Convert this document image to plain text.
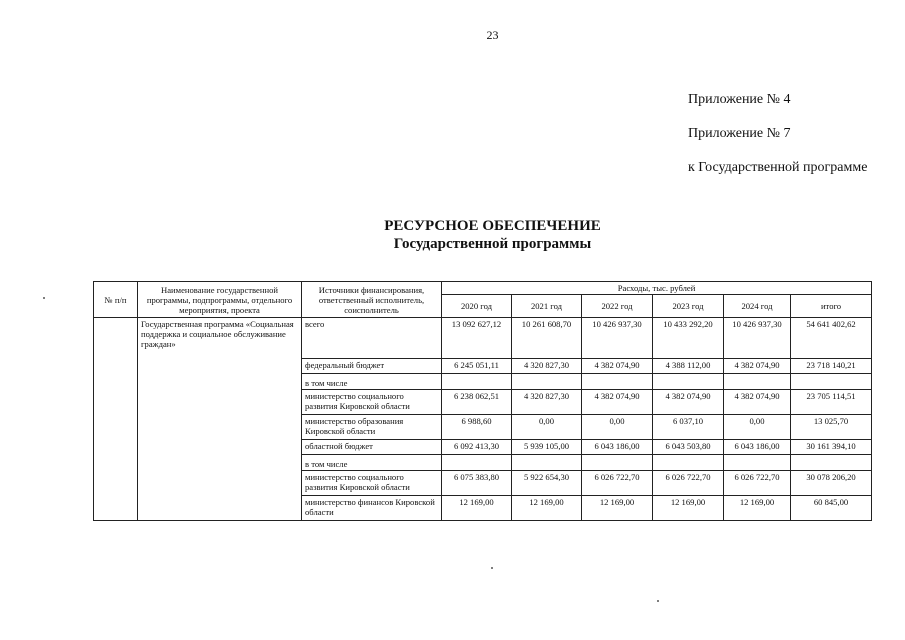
23
Приложение № 4
Приложение № 7
к Государственной программе
РЕСУРСНОЕ ОБЕСПЕЧЕНИЕ
Государственной программы
№ п/п	Наименование государственной программы, подпрограммы, отдельного мероприятия, проекта	Источники финансирования, ответственный исполнитель, соисполнитель	Расходы, тыс. рублей					
			2020 год	2021 год	2022 год	2023 год	2024 год	итого
	Государственная программа «Социальная поддержка и социальное обслуживание граждан»	всего	13 092 627,12	10 261 608,70	10 426 937,30	10 433 292,20	10 426 937,30	54 641 402,62
		федеральный бюджет	6 245 051,11	4 320 827,30	4 382 074,90	4 388 112,00	4 382 074,90	23 718 140,21
		в том числе						
		министерство социального развития Кировской области	6 238 062,51	4 320 827,30	4 382 074,90	4 382 074,90	4 382 074,90	23 705 114,51
		министерство образования Кировской области	6 988,60	0,00	0,00	6 037,10	0,00	13 025,70
		областной бюджет	6 092 413,30	5 939 105,00	6 043 186,00	6 043 503,80	6 043 186,00	30 161 394,10
		в том числе						
		министерство социального развития Кировской области	6 075 383,80	5 922 654,30	6 026 722,70	6 026 722,70	6 026 722,70	30 078 206,20
		министерство финансов Кировской области	12 169,00	12 169,00	12 169,00	12 169,00	12 169,00	60 845,00
